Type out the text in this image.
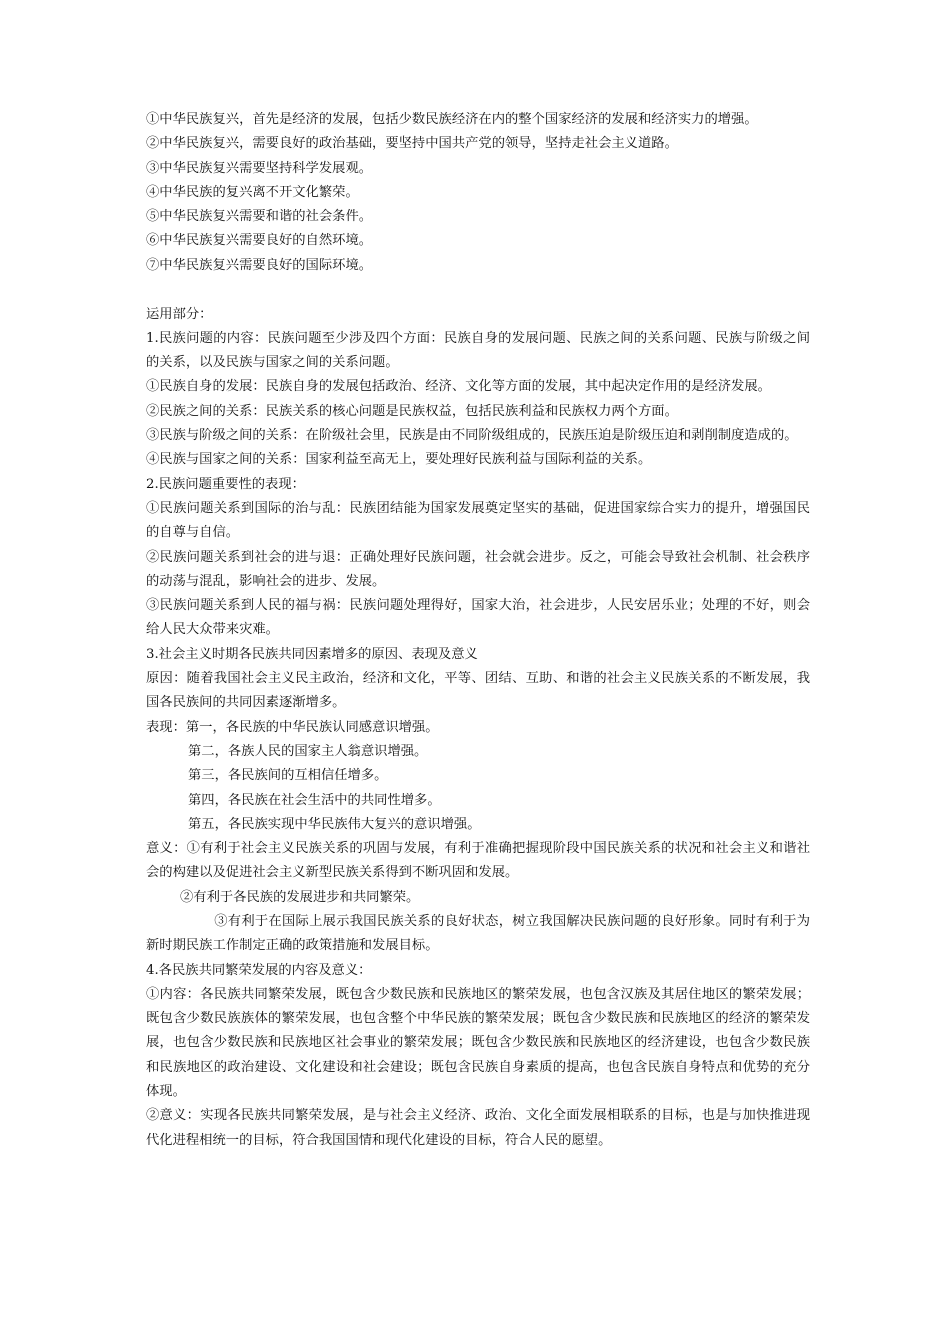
①中华民族复兴，首先是经济的发展，包括少数民族经济在内的整个国家经济的发展和经济实力的增强。

②中华民族复兴，需要良好的政治基础，要坚持中国共产党的领导，坚持走社会主义道路。

③中华民族复兴需要坚持科学发展观。

④中华民族的复兴离不开文化繁荣。

⑤中华民族复兴需要和谐的社会条件。

⑥中华民族复兴需要良好的自然环境。

⑦中华民族复兴需要良好的国际环境。

运用部分：

1.民族问题的内容：民族问题至少涉及四个方面：民族自身的发展问题、民族之间的关系问题、民族与阶级之间的关系，以及民族与国家之间的关系问题。

①民族自身的发展：民族自身的发展包括政治、经济、文化等方面的发展，其中起决定作用的是经济发展。

②民族之间的关系：民族关系的核心问题是民族权益，包括民族利益和民族权力两个方面。

③民族与阶级之间的关系：在阶级社会里，民族是由不同阶级组成的，民族压迫是阶级压迫和剥削制度造成的。

④民族与国家之间的关系：国家利益至高无上，要处理好民族利益与国际利益的关系。

2.民族问题重要性的表现：

①民族问题关系到国际的治与乱：民族团结能为国家发展奠定坚实的基础，促进国家综合实力的提升，增强国民的自尊与自信。

②民族问题关系到社会的进与退：正确处理好民族问题，社会就会进步。反之，可能会导致社会机制、社会秩序的动荡与混乱，影响社会的进步、发展。

③民族问题关系到人民的福与祸：民族问题处理得好，国家大治，社会进步，人民安居乐业；处理的不好，则会给人民大众带来灾难。

3.社会主义时期各民族共同因素增多的原因、表现及意义

原因：随着我国社会主义民主政治，经济和文化，平等、团结、互助、和谐的社会主义民族关系的不断发展，我国各民族间的共同因素逐渐增多。

表现：第一，各民族的中华民族认同感意识增强。

第二，各族人民的国家主人翁意识增强。

第三，各民族间的互相信任增多。

第四，各民族在社会生活中的共同性增多。

第五，各民族实现中华民族伟大复兴的意识增强。

意义：①有利于社会主义民族关系的巩固与发展，有利于准确把握现阶段中国民族关系的状况和社会主义和谐社会的构建以及促进社会主义新型民族关系得到不断巩固和发展。

②有利于各民族的发展进步和共同繁荣。

③有利于在国际上展示我国民族关系的良好状态，树立我国解决民族问题的良好形象。同时有利于为新时期民族工作制定正确的政策措施和发展目标。

4.各民族共同繁荣发展的内容及意义：

①内容：各民族共同繁荣发展，既包含少数民族和民族地区的繁荣发展，也包含汉族及其居住地区的繁荣发展；既包含少数民族族体的繁荣发展，也包含整个中华民族的繁荣发展；既包含少数民族和民族地区的经济的繁荣发展，也包含少数民族和民族地区社会事业的繁荣发展；既包含少数民族和民族地区的经济建设，也包含少数民族和民族地区的政治建设、文化建设和社会建设；既包含民族自身素质的提高，也包含民族自身特点和优势的充分体现。

②意义：实现各民族共同繁荣发展，是与社会主义经济、政治、文化全面发展相联系的目标，也是与加快推进现代化进程相统一的目标，符合我国国情和现代化建设的目标，符合人民的愿望。
